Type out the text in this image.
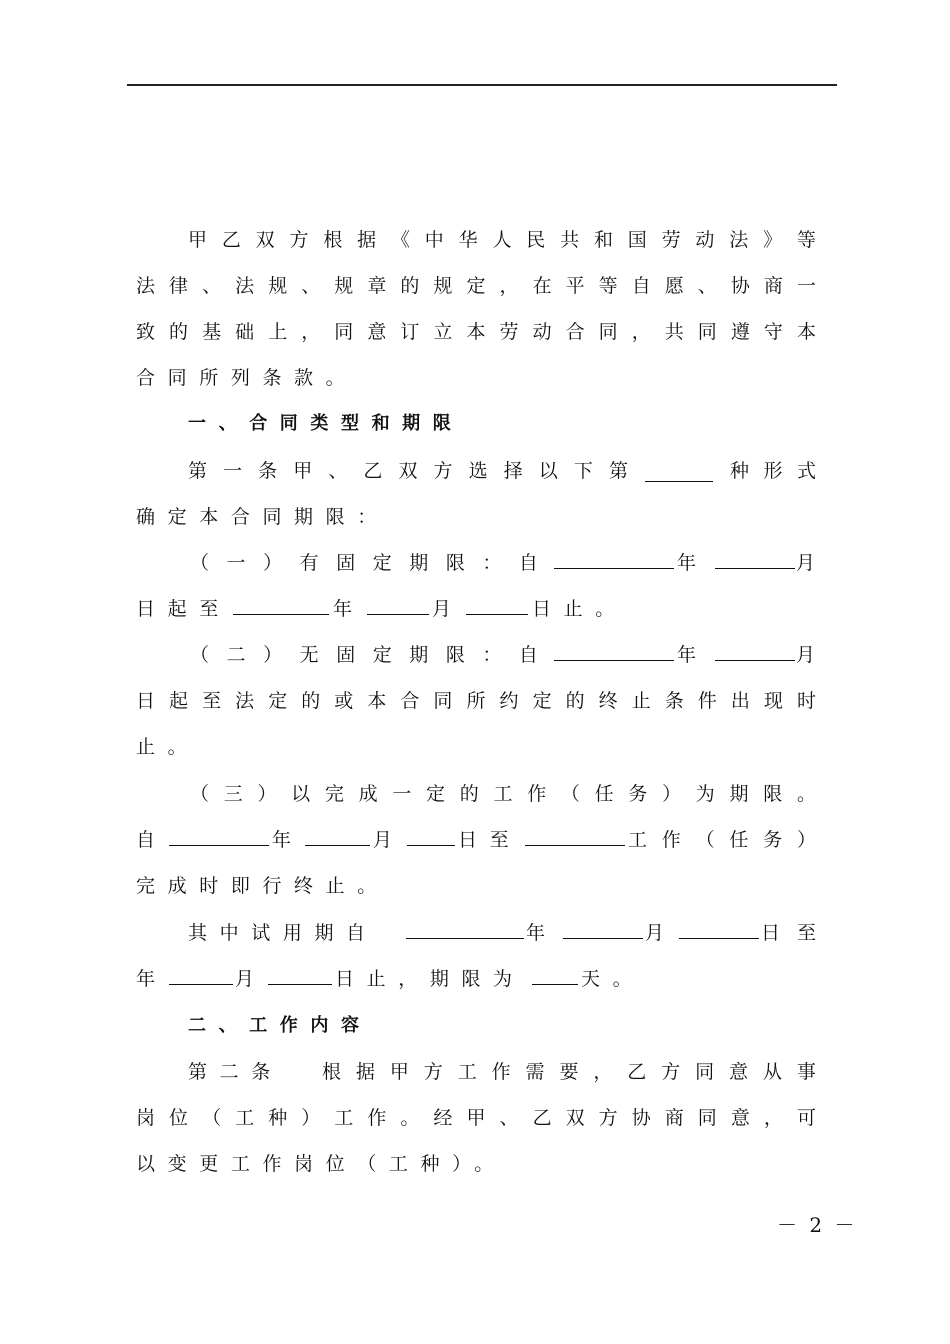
甲 乙 双 方 根 据 《 中 华 人 民 共 和 国 劳 动 法 》 等
法 律 、 法 规 、 规 章 的 规 定 ， 在 平 等 自 愿 、 协 商 一
致 的 基 础 上 ， 同 意 订 立 本 劳 动 合 同 ， 共 同 遵 守 本
合 同 所 列 条 款 。
一 、 合 同 类 型 和 期 限
第 一 条 甲 、 乙 双 方 选 择 以 下 第	种 形 式
确 定 本 合 同 期 限 ：
（ 一 ） 有 固 定 期 限 ： 自	年	月
日 起 至	年	月	日 止 。
（ 二 ） 无 固 定 期 限 ： 自	年	月
日 起 至 法 定 的 或 本 合 同 所 约 定 的 终 止 条 件 出 现 时
止 。
（ 三 ） 以 完 成 一 定 的 工 作 （ 任 务 ） 为 期 限 。
自	年	月	日 至	工 作 （ 任 务 ）
完 成 时 即 行 终 止 。
其 中 试 用 期 自	年	月	日 至
年	月	日 止 ， 期 限 为	天 。
二 、 工 作 内 容
第 二 条	根 据 甲 方 工 作 需 要 ， 乙 方 同 意 从 事
岗 位 （ 工 种 ） 工 作 。 经 甲 、 乙 双 方 协 商 同 意 ， 可
以 变 更 工 作 岗 位 （ 工 种 ） 。
－ 2 －
